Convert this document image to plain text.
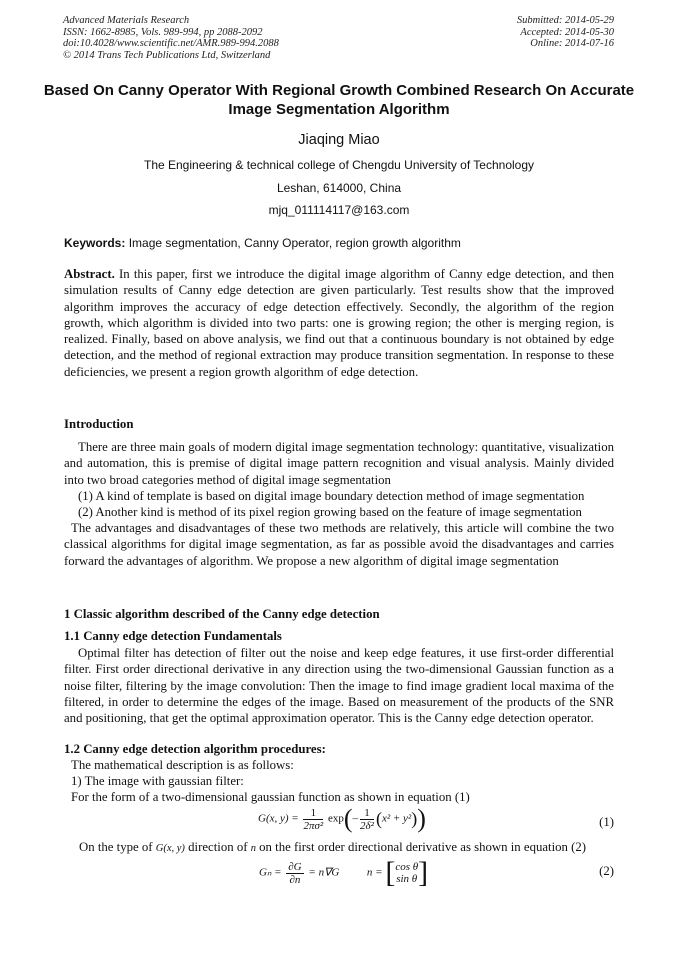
Advanced Materials Research
ISSN: 1662-8985, Vols. 989-994, pp 2088-2092
doi:10.4028/www.scientific.net/AMR.989-994.2088
© 2014 Trans Tech Publications Ltd, Switzerland
Submitted: 2014-05-29
Accepted: 2014-05-30
Online: 2014-07-16
Based On Canny Operator With Regional Growth Combined Research On Accurate Image Segmentation Algorithm
Jiaqing Miao
The Engineering & technical college of Chengdu University of Technology
Leshan, 614000, China
mjq_011114117@163.com
Keywords: Image segmentation, Canny Operator, region growth algorithm
Abstract. In this paper, first we introduce the digital image algorithm of Canny edge detection, and then simulation results of Canny edge detection are given particularly. Test results show that the improved algorithm improves the accuracy of edge detection effectively. Secondly, the algorithm of the region growth, which algorithm is divided into two parts: one is growing region; the other is merging region, is realized. Finally, based on above analysis, we find out that a continuous boundary is not obtained by edge detection, and the method of regional extraction may produce transition segmentation. In response to these deficiencies, we present a region growth algorithm of edge detection.
Introduction
There are three main goals of modern digital image segmentation technology: quantitative, visualization and automation, this is premise of digital image pattern recognition and visual analysis. Mainly divided into two broad categories method of digital image segmentation
(1) A kind of template is based on digital image boundary detection method of image segmentation
(2) Another kind is method of its pixel region growing based on the feature of image segmentation
The advantages and disadvantages of these two methods are relatively, this article will combine the two classical algorithms for digital image segmentation, as far as possible avoid the disadvantages and carries forward the advantages of algorithm. We propose a new algorithm of digital image segmentation
1 Classic algorithm described of the Canny edge detection
1.1 Canny edge detection Fundamentals
Optimal filter has detection of filter out the noise and keep edge features, it use first-order differential filter. First order directional derivative in any direction using the two-dimensional Gaussian function as a noise filter, filtering by the image convolution: Then the image to find image gradient local maxima of the filtered, in order to determine the edges of the image. Based on measurement of the products of the SNR and positioning, that get the optimal approximation operator. This is the Canny edge detection operator.
1.2 Canny edge detection algorithm procedures:
The mathematical description is as follows:
1) The image with gaussian filter:
For the form of a two-dimensional gaussian function as shown in equation (1)
G(x, $y) = \frac{1}{\text{2πσ²}} \exp(- \frac{1}{\text{2δ²}} (x^2 + y^2))$	(1)
On the type of G(x, y) direction of n on the first order directional derivative as shown in equation (2)
$G_n = \frac{\partial G}{\partial n} = n\nabla G$	n = [ cos θ
sin θ ]	(2)
